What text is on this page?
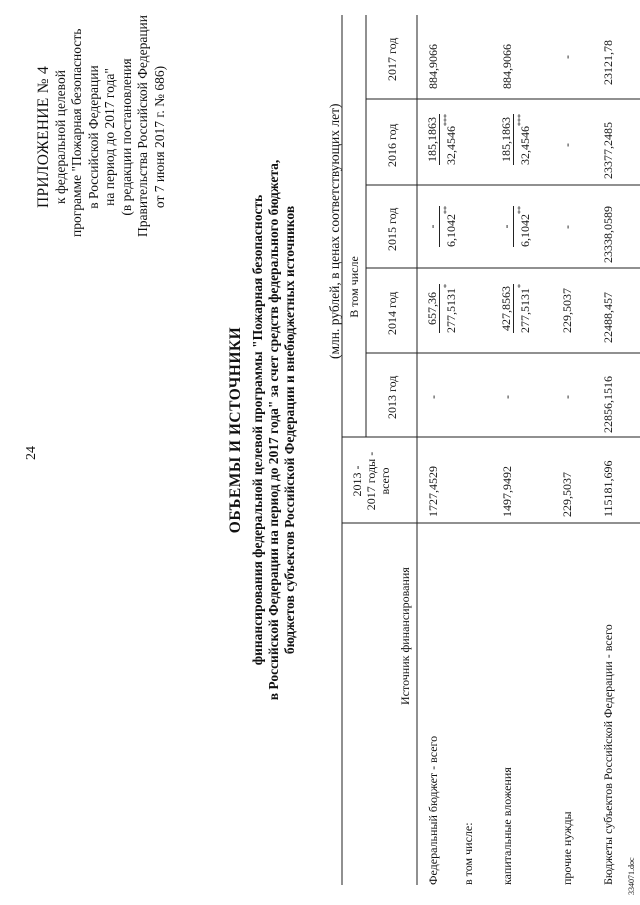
24
ПРИЛОЖЕНИЕ № 4 к федеральной целевой программе "Пожарная безопасность в Российской Федерации на период до 2017 года" (в редакции постановления Правительства Российской Федерации от 7 июня 2017 г. № 686)
ОБЪЕМЫ И ИСТОЧНИКИ финансирования федеральной целевой программы "Пожарная безопасность в Российской Федерации на период до 2017 года" за счет средств федерального бюджета, бюджетов субъектов Российской Федерации и внебюджетных источников (млн. рублей, в ценах соответствующих лет)
Источник финансирования
2013 - 2017 годы - всего
В том числе
2013 год
2014 год
2015 год
2016 год
2017 год
Федеральный бюджет - всего
1727,4529
-
657,36 277,5131*
- 6,1042**
185,1863 32,4546***
884,9066
в том числе: капитальные вложения
1497,9492
-
427,8563 277,5131*
- 6,1042**
185,1863 32,4546***
884,9066
прочие нужды
229,5037
-
229,5037
-
-
-
Бюджеты субъектов Российской Федерации - всего
115181,696
22856,1516
22488,457
23338,0589
23377,2485
23121,78
334071.doc
